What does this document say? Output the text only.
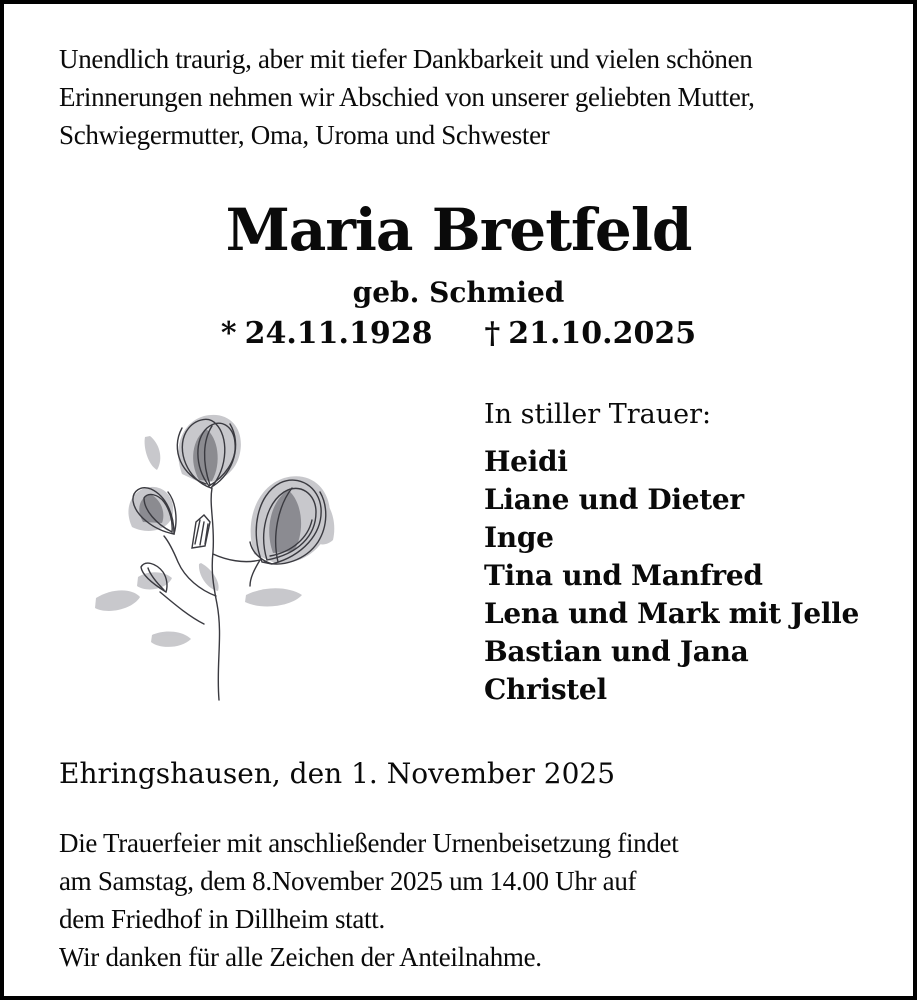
Unendlich traurig, aber mit tiefer Dankbarkeit und vielen schönen
Erinnerungen nehmen wir Abschied von unserer geliebten Mutter,
Schwiegermutter, Oma, Uroma und Schwester
Maria Bretfeld
geb. Schmied
* 24.11.1928 † 21.10.2025
In stiller Trauer:
Heidi
Liane und Dieter
Inge
Tina und Manfred
Lena und Mark mit Jelle
Bastian und Jana
Christel
Ehringshausen, den 1. November 2025
Die Trauerfeier mit anschließender Urnenbeisetzung findet
am Samstag, dem 8.November 2025 um 14.00 Uhr auf
dem Friedhof in Dillheim statt.
Wir danken für alle Zeichen der Anteilnahme.
